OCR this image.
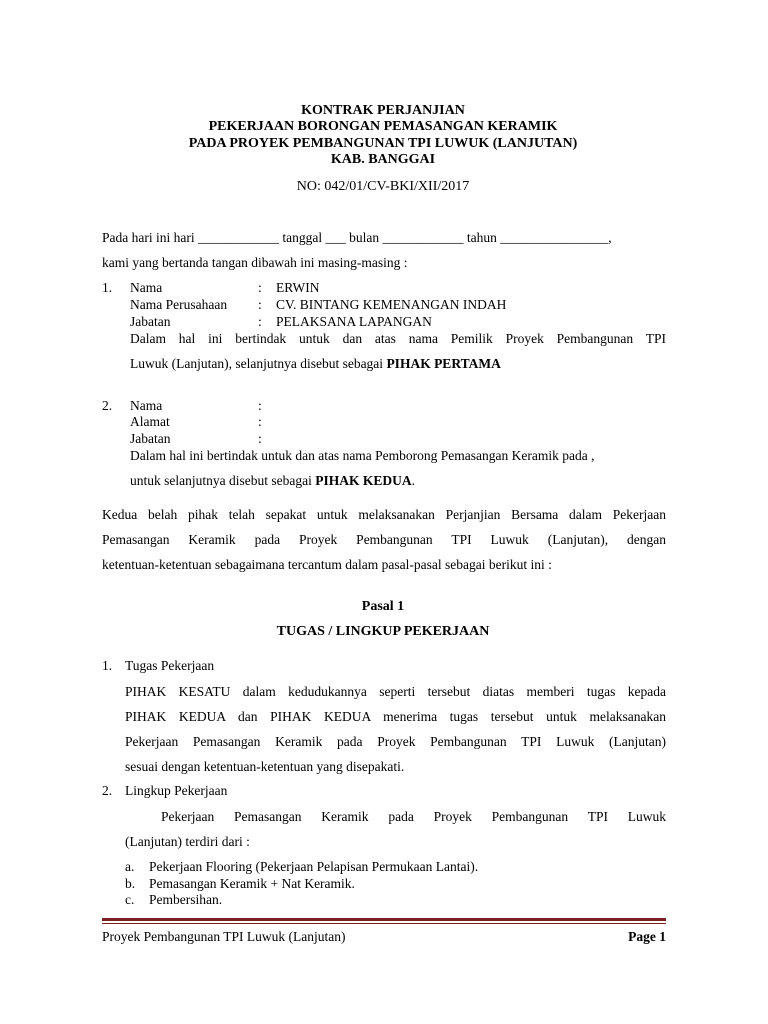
KONTRAK PERJANJIAN
PEKERJAAN BORONGAN PEMASANGAN KERAMIK
PADA PROYEK PEMBANGUNAN TPI LUWUK (LANJUTAN)
KAB. BANGGAI
NO: 042/01/CV-BKI/XII/2017
Pada hari ini hari ____________ tanggal ___ bulan ____________ tahun ________________,
kami yang bertanda tangan dibawah ini masing-masing :
1. Nama	: ERWIN
Nama Perusahaan : CV. BINTANG KEMENANGAN INDAH
Jabatan	: PELAKSANA LAPANGAN
Dalam hal ini bertindak untuk dan atas nama Pemilik Proyek Pembangunan TPI
Luwuk (Lanjutan), selanjutnya disebut sebagai PIHAK PERTAMA
2. Nama	:
Alamat	:
Jabatan	:
Dalam hal ini bertindak untuk dan atas nama Pemborong Pemasangan Keramik pada ,
untuk selanjutnya disebut sebagai PIHAK KEDUA.
Kedua belah pihak telah sepakat untuk melaksanakan Perjanjian Bersama dalam Pekerjaan
Pemasangan Keramik pada Proyek Pembangunan TPI Luwuk (Lanjutan), dengan
ketentuan-ketentuan sebagaimana tercantum dalam pasal-pasal sebagai berikut ini :
Pasal 1
TUGAS / LINGKUP PEKERJAAN
1. Tugas Pekerjaan
PIHAK KESATU dalam kedudukannya seperti tersebut diatas memberi tugas kepada
PIHAK KEDUA dan PIHAK KEDUA menerima tugas tersebut untuk melaksanakan
Pekerjaan Pemasangan Keramik pada Proyek Pembangunan TPI Luwuk (Lanjutan)
sesuai dengan ketentuan-ketentuan yang disepakati.
2. Lingkup Pekerjaan
Pekerjaan Pemasangan Keramik pada Proyek Pembangunan TPI Luwuk
(Lanjutan) terdiri dari :
a. Pekerjaan Flooring (Pekerjaan Pelapisan Permukaan Lantai).
b. Pemasangan Keramik + Nat Keramik.
c. Pembersihan.
Proyek Pembangunan TPI Luwuk (Lanjutan)	Page 1
